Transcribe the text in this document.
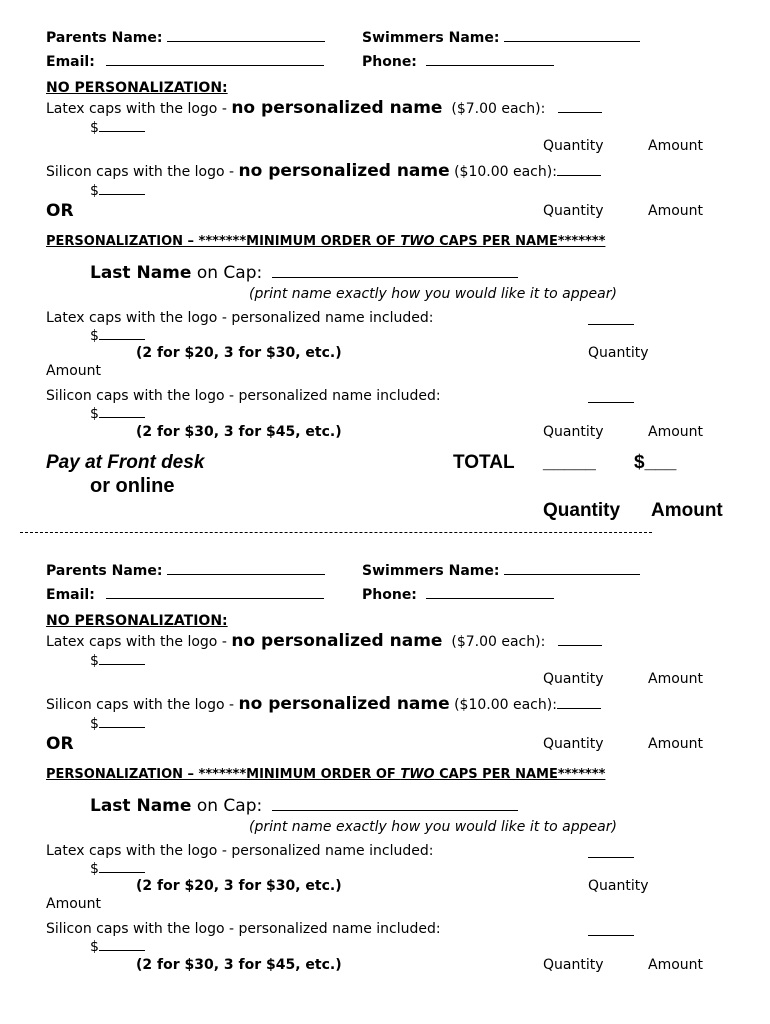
Parents Name:	Swimmers Name:
Email:	Phone:
NO PERSONALIZATION:
Latex caps with the logo - no personalized name ($7.00 each):
$
Quantity	Amount
Silicon caps with the logo - no personalized name ($10.00 each):
$
OR	Quantity	Amount
PERSONALIZATION – *******MINIMUM ORDER OF TWO CAPS PER NAME*******
Last Name on Cap:
(print name exactly how you would like it to appear)
Latex caps with the logo - personalized name included:
$
(2 for $20, 3 for $30, etc.)	Quantity
Amount
Silicon caps with the logo - personalized name included:
$
(2 for $30, 3 for $45, etc.)	Quantity	Amount
Pay at Front desk
or online
TOTAL _____ $___
Quantity Amount
Parents Name:	Swimmers Name:
Email:	Phone:
NO PERSONALIZATION:
Latex caps with the logo - no personalized name ($7.00 each):
$
Quantity	Amount
Silicon caps with the logo - no personalized name ($10.00 each):
$
OR	Quantity	Amount
PERSONALIZATION – *******MINIMUM ORDER OF TWO CAPS PER NAME*******
Last Name on Cap:
(print name exactly how you would like it to appear)
Latex caps with the logo - personalized name included:
$
(2 for $20, 3 for $30, etc.)	Quantity
Amount
Silicon caps with the logo - personalized name included:
$
(2 for $30, 3 for $45, etc.)	Quantity	Amount
